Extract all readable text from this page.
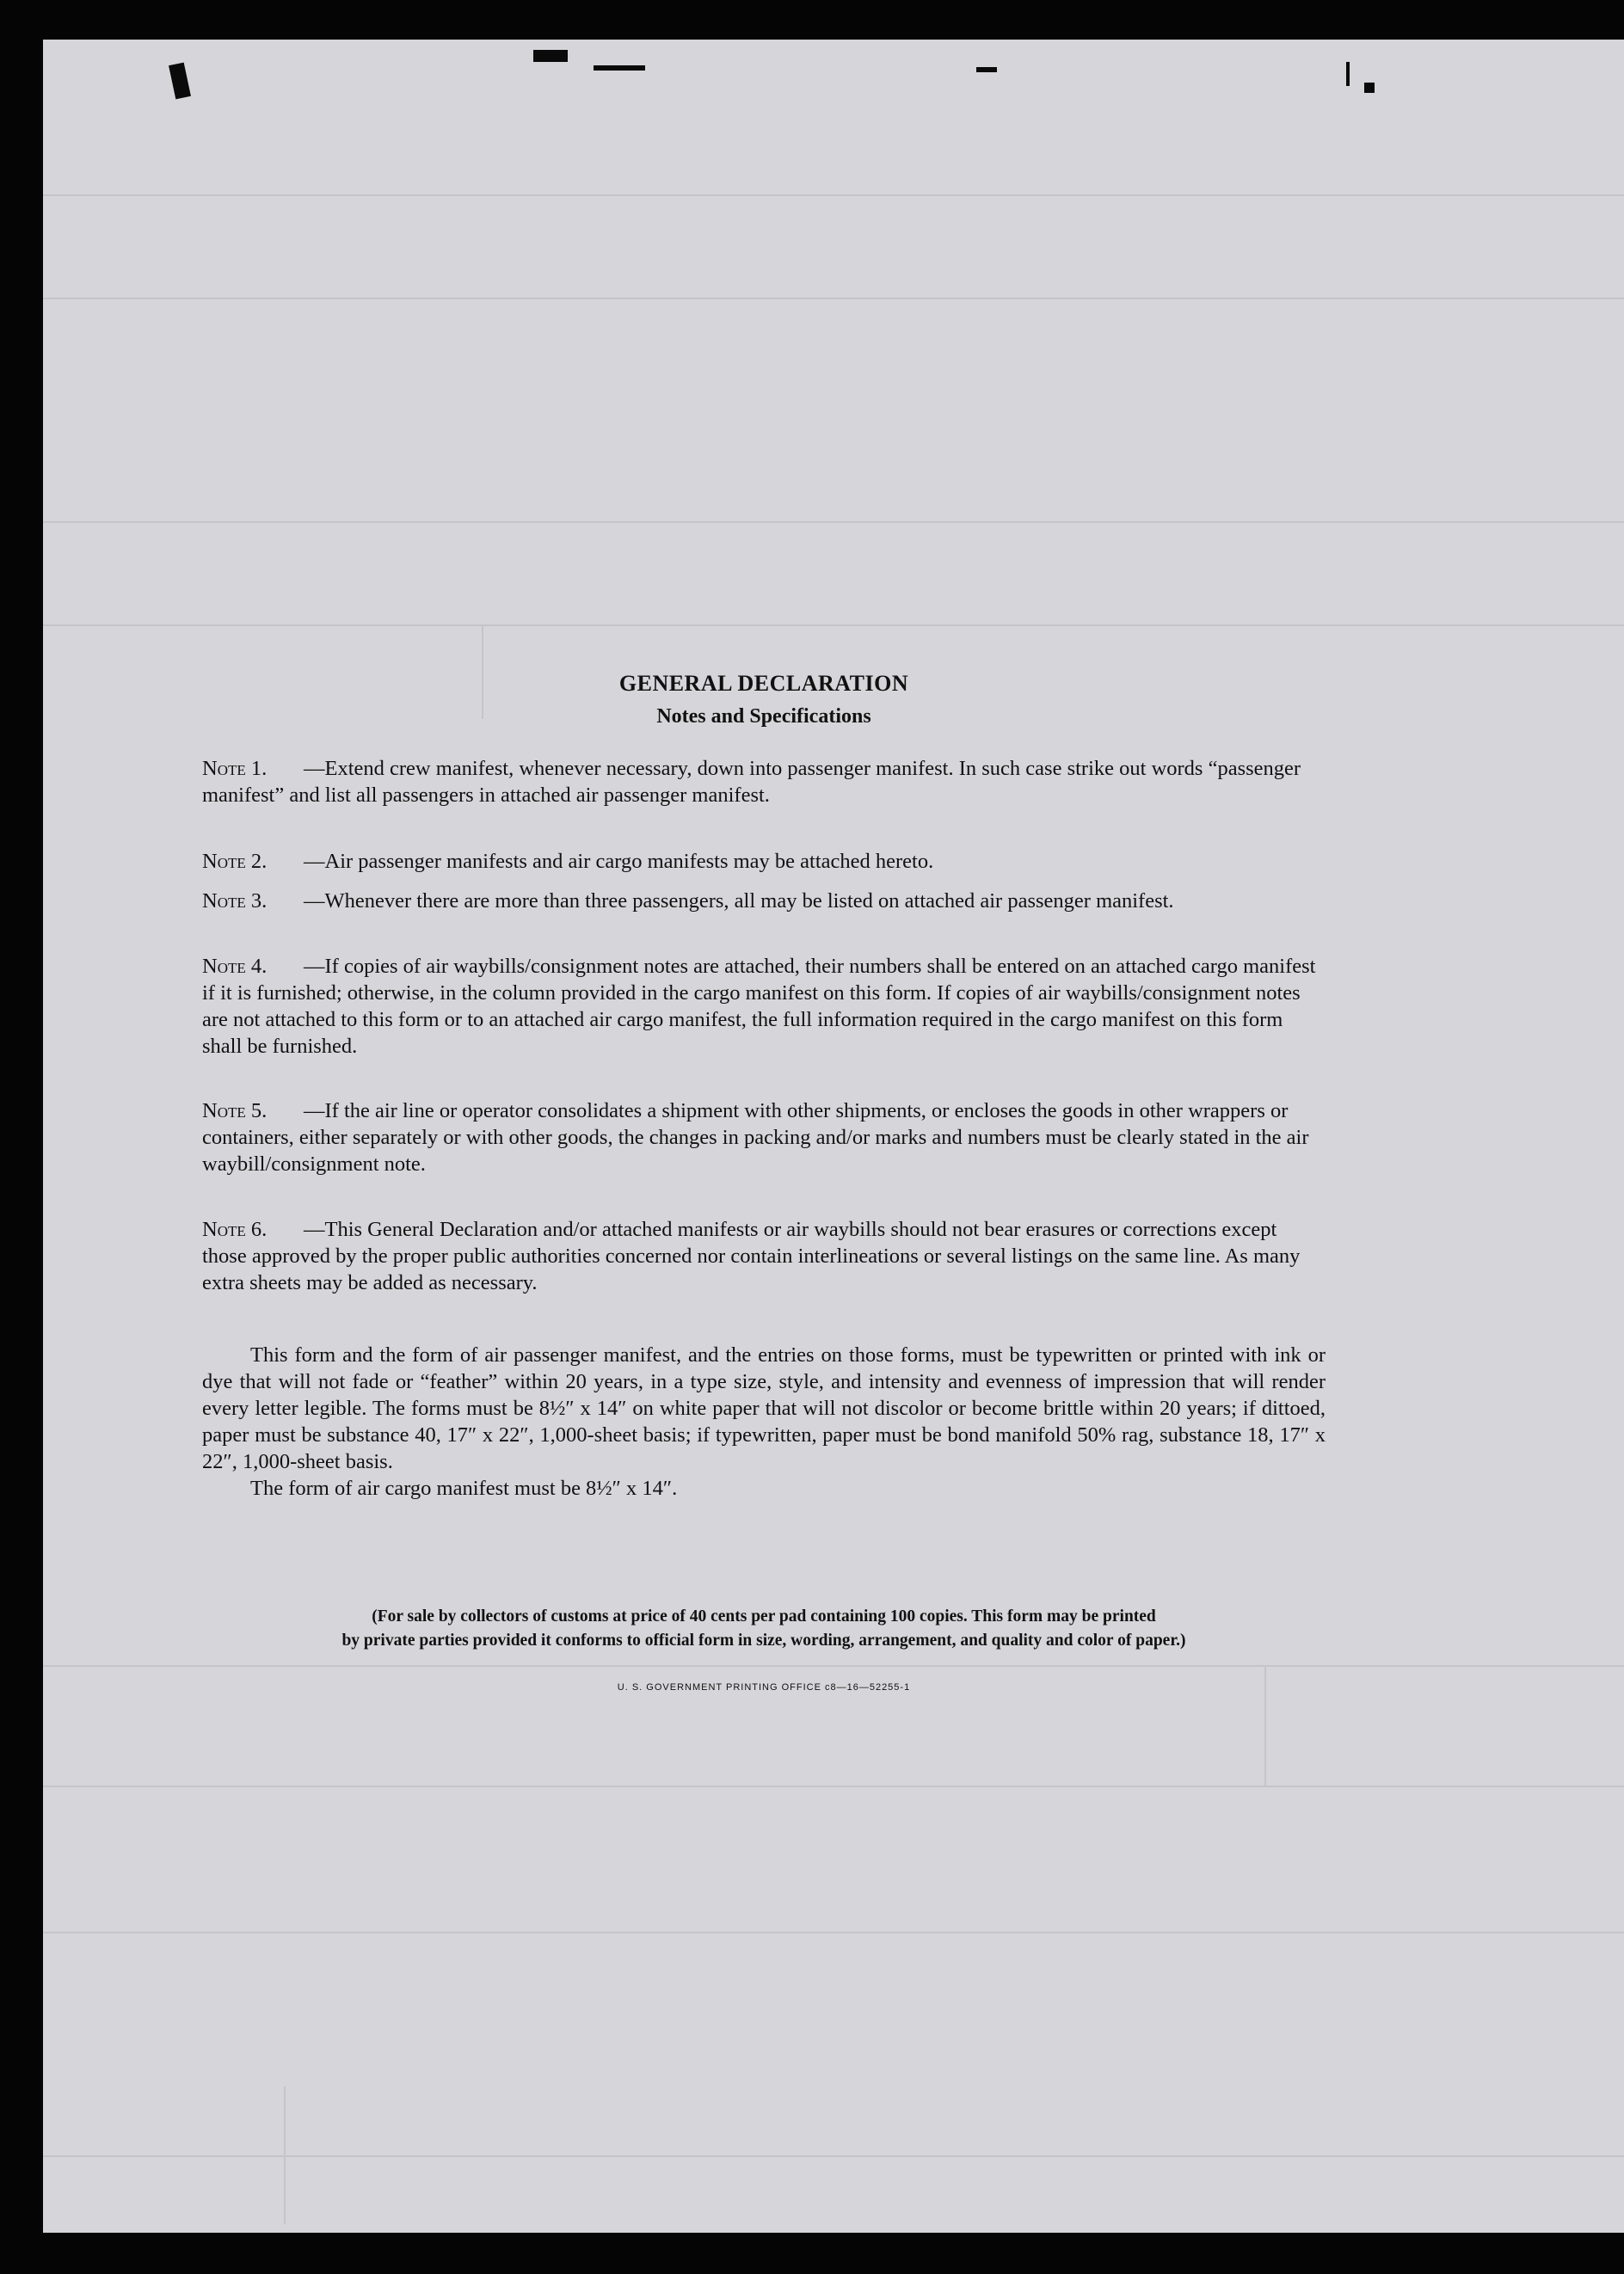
GENERAL DECLARATION
Notes and Specifications
Note 1.	—Extend crew manifest, whenever necessary, down into passenger manifest. In such case strike out words “passenger manifest” and list all passengers in attached air passenger manifest.
Note 2.	—Air passenger manifests and air cargo manifests may be attached hereto.
Note 3.	—Whenever there are more than three passengers, all may be listed on attached air passenger manifest.
Note 4.	—If copies of air waybills/consignment notes are attached, their numbers shall be entered on an attached cargo manifest if it is furnished; otherwise, in the column provided in the cargo manifest on this form. If copies of air waybills/consignment notes are not attached to this form or to an attached air cargo manifest, the full information required in the cargo manifest on this form shall be furnished.
Note 5.	—If the air line or operator consolidates a shipment with other shipments, or encloses the goods in other wrappers or containers, either separately or with other goods, the changes in packing and/or marks and numbers must be clearly stated in the air waybill/consignment note.
Note 6.	—This General Declaration and/or attached manifests or air waybills should not bear erasures or corrections except those approved by the proper public authorities concerned nor contain interlineations or several listings on the same line. As many extra sheets may be added as necessary.
This form and the form of air passenger manifest, and the entries on those forms, must be typewritten or printed with ink or dye that will not fade or “feather” within 20 years, in a type size, style, and intensity and evenness of impression that will render every letter legible. The forms must be 8½″ x 14″ on white paper that will not discolor or become brittle within 20 years; if dittoed, paper must be substance 40, 17″ x 22″, 1,000-sheet basis; if typewritten, paper must be bond manifold 50% rag, substance 18, 17″ x 22″, 1,000-sheet basis.
The form of air cargo manifest must be 8½″ x 14″.
(For sale by collectors of customs at price of 40 cents per pad containing 100 copies. This form may be printed
by private parties provided it conforms to official form in size, wording, arrangement, and quality and color of paper.)
U. S. GOVERNMENT PRINTING OFFICE c8—16—52255-1
